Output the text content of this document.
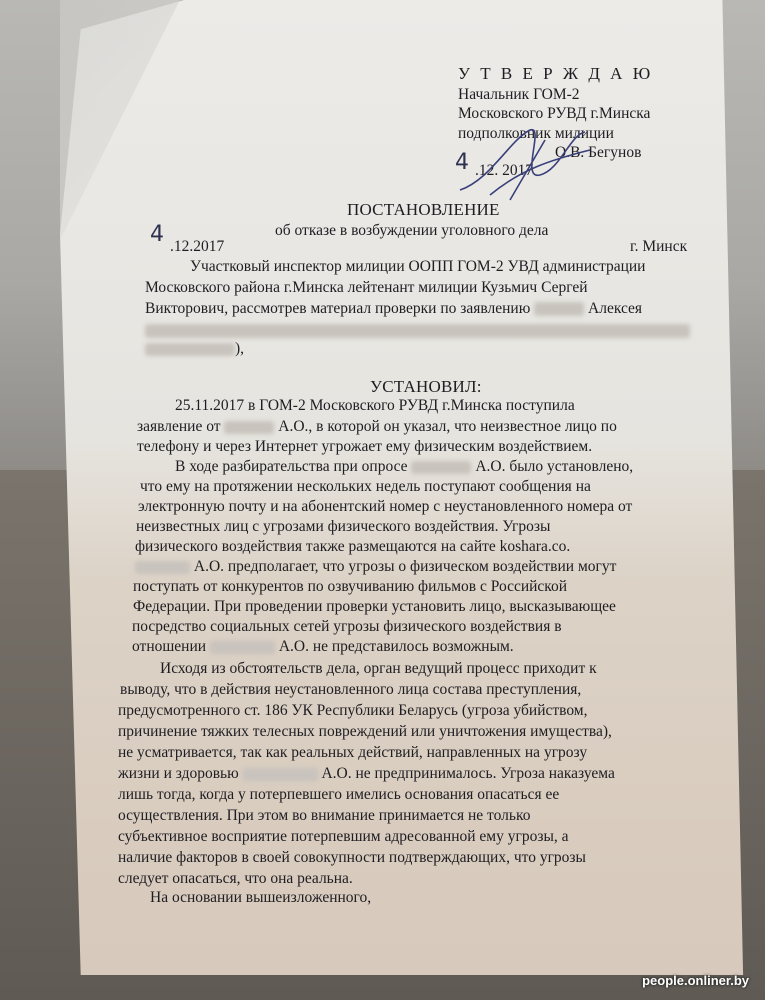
У Т В Е Р Ж Д А Ю
Начальник ГОМ-2
Московского РУВД г.Минска
подполковник милиции
О.В. Бегунов
4 .12. 2017
ПОСТАНОВЛЕНИЕ
об отказе в возбуждении уголовного дела
4 .12.2017	г. Минск
Участковый инспектор милиции ООПП ГОМ-2 УВД администрации
Московского района г.Минска лейтенант милиции Кузьмич Сергей
Викторович, рассмотрев материал проверки по заявлению	Алексея
),
УСТАНОВИЛ:
25.11.2017 в ГОМ-2 Московского РУВД г.Минска поступила
заявление от	А.О., в которой он указал, что неизвестное лицо по
телефону и через Интернет угрожает ему физическим воздействием.
В ходе разбирательства при опросе	А.О. было установлено,
что ему на протяжении нескольких недель поступают сообщения на
электронную почту и на абонентский номер с неустановленного номера от
неизвестных лиц с угрозами физического воздействия. Угрозы
физического воздействия также размещаются на сайте koshara.co.
А.О. предполагает, что угрозы о физическом воздействии могут
поступать от конкурентов по озвучиванию фильмов с Российской
Федерации. При проведении проверки установить лицо, высказывающее
посредство социальных сетей угрозы физического воздействия в
отношении	А.О. не представилось возможным.
Исходя из обстоятельств дела, орган ведущий процесс приходит к
выводу, что в действия неустановленного лица состава преступления,
предусмотренного ст. 186 УК Республики Беларусь (угроза убийством,
причинение тяжких телесных повреждений или уничтожения имущества),
не усматривается, так как реальных действий, направленных на угрозу
жизни и здоровью	А.О. не предпринималось. Угроза наказуема
лишь тогда, когда у потерпевшего имелись основания опасаться ее
осуществления. При этом во внимание принимается не только
субъективное восприятие потерпевшим адресованной ему угрозы, а
наличие факторов в своей совокупности подтверждающих, что угрозы
следует опасаться, что она реальна.
На основании вышеизложенного,
people.onliner.by
